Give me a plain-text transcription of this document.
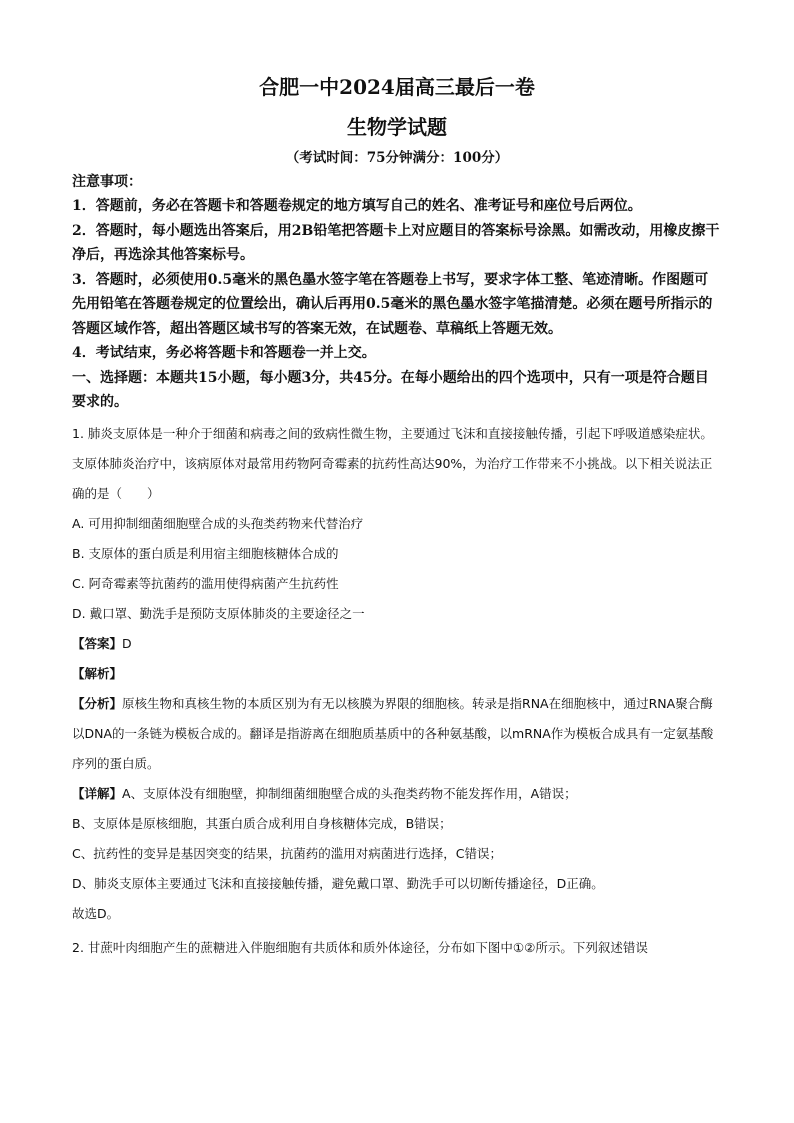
合肥一中2024届高三最后一卷
生物学试题
（考试时间：75分钟满分：100分）
注意事项：

1．答题前，务必在答题卡和答题卷规定的地方填写自己的姓名、准考证号和座位号后两位。

2．答题时，每小题选出答案后，用2B铅笔把答题卡上对应题目的答案标号涂黑。如需改动，用橡皮擦干净后，再选涂其他答案标号。

3．答题时，必须使用0.5毫米的黑色墨水签字笔在答题卷上书写，要求字体工整、笔迹清晰。作图题可先用铅笔在答题卷规定的位置绘出，确认后再用0.5毫米的黑色墨水签字笔描清楚。必须在题号所指示的答题区域作答，超出答题区域书写的答案无效，在试题卷、草稿纸上答题无效。

4．考试结束，务必将答题卡和答题卷一并上交。

一、选择题：本题共15小题，每小题3分，共45分。在每小题给出的四个选项中，只有一项是符合题目要求的。

1. 肺炎支原体是一种介于细菌和病毒之间的致病性微生物，主要通过飞沫和直接接触传播，引起下呼吸道感染症状。支原体肺炎治疗中，该病原体对最常用药物阿奇霉素的抗药性高达90%，为治疗工作带来不小挑战。以下相关说法正确的是（　　）

A. 可用抑制细菌细胞壁合成的头孢类药物来代替治疗

B. 支原体的蛋白质是利用宿主细胞核糖体合成的

C. 阿奇霉素等抗菌药的滥用使得病菌产生抗药性

D. 戴口罩、勤洗手是预防支原体肺炎的主要途径之一

【答案】D

【解析】

【分析】原核生物和真核生物的本质区别为有无以核膜为界限的细胞核。转录是指RNA在细胞核中，通过RNA聚合酶以DNA的一条链为模板合成的。翻译是指游离在细胞质基质中的各种氨基酸，以mRNA作为模板合成具有一定氨基酸序列的蛋白质。

【详解】A、支原体没有细胞壁，抑制细菌细胞壁合成的头孢类药物不能发挥作用，A错误；

B、支原体是原核细胞，其蛋白质合成利用自身核糖体完成，B错误；

C、抗药性的变异是基因突变的结果，抗菌药的滥用对病菌进行选择，C错误；

D、肺炎支原体主要通过飞沫和直接接触传播，避免戴口罩、勤洗手可以切断传播途径，D正确。

故选D。

2. 甘蔗叶肉细胞产生的蔗糖进入伴胞细胞有共质体和质外体途径，分布如下图中①②所示。下列叙述错误
